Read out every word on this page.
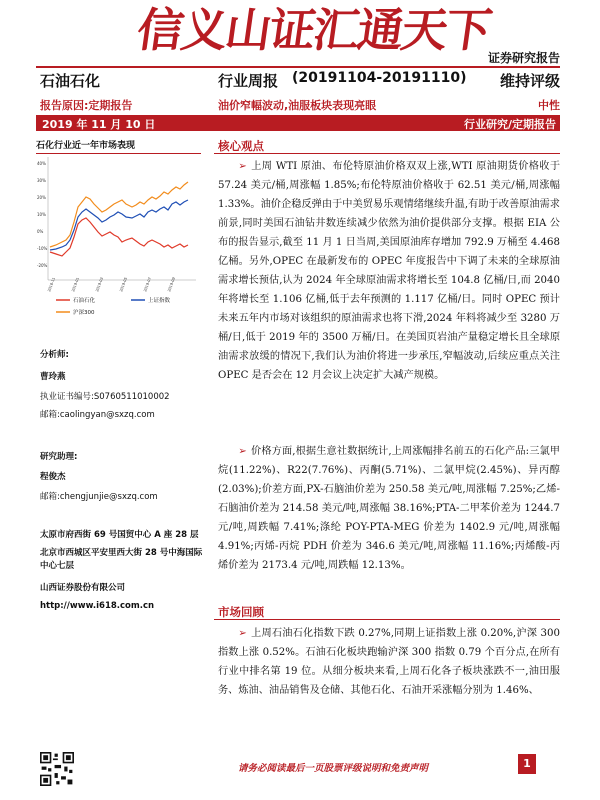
信义山证汇通天下
证券研究报告
石油石化	行业周报 (20191104-20191110) 维持评级
报告原因:定期报告	油价窄幅波动,油服板块表现亮眼	中性
2019 年 11 月 10 日	行业研究/定期报告
石化行业近一年市场表现
40%
30%
20%
10%
0%
-10%
-20%
2018-11	2019-01	2019-03	2019-05	2019-07	2019-09
石油石化	上证指数
沪深300
分析师:
曹玲燕
执业证书编号:S0760511010002
邮箱:caolingyan@sxzq.com
研究助理:
程俊杰
邮箱:chengjunjie@sxzq.com
太原市府西街 69 号国贸中心 A 座 28 层
北京市西城区平安里西大街 28 号中海国际中心七层
山西证券股份有限公司
http://www.i618.com.cn
核心观点

➢ 上周 WTI 原油、布伦特原油价格双双上涨,WTI 原油期货价格收于 57.24 美元/桶,周涨幅 1.85%;布伦特原油价格收于 62.51 美元/桶,周涨幅 1.33%。油价企稳反弹由于中美贸易乐观情绪继续升温,有助于改善原油需求前景,同时美国石油钻井数连续减少依然为油价提供部分支撑。根据 EIA 公布的报告显示,截至 11 月 1 日当周,美国原油库存增加 792.9 万桶至 4.468 亿桶。另外,OPEC 在最新发布的 OPEC 年度报告中下调了未来的全球原油需求增长预估,认为 2024 年全球原油需求将增长至 104.8 亿桶/日,而 2040 年将增长至 1.106 亿桶,低于去年预测的 1.117 亿桶/日。同时 OPEC 预计未来五年内市场对该组织的原油需求也将下滑,2024 年料将减少至 3280 万桶/日,低于 2019 年的 3500 万桶/日。在美国页岩油产量稳定增长且全球原油需求放缓的情况下,我们认为油价将进一步承压,窄幅波动,后续应重点关注 OPEC 是否会在 12 月会议上决定扩大减产规模。

➢ 价格方面,根据生意社数据统计,上周涨幅排名前五的石化产品:三氯甲烷(11.22%)、R22(7.76%)、丙酮(5.71%)、二氯甲烷(2.45%)、异丙醇(2.03%);价差方面,PX-石脑油价差为 250.58 美元/吨,周涨幅 7.25%;乙烯-石脑油价差为 214.58 美元/吨,周涨幅 38.16%;PTA-二甲苯价差为 1244.7 元/吨,周跌幅 7.41%;涤纶 POY-PTA-MEG 价差为 1402.9 元/吨,周涨幅 4.91%;丙烯-丙烷 PDH 价差为 346.6 美元/吨,周涨幅 11.16%;丙烯酸-丙烯价差为 2173.4 元/吨,周跌幅 12.13%。

市场回顾

➢ 上周石油石化指数下跌 0.27%,同期上证指数上涨 0.20%,沪深 300 指数上涨 0.52%。石油石化板块跑输沪深 300 指数 0.79 个百分点,在所有行业中排名第 19 位。从细分板块来看,上周石化各子板块涨跌不一,油田服务、炼油、油品销售及仓储、其他石化、石油开采涨幅分别为 1.46%、

请务必阅读最后一页股票评级说明和免责声明	1
